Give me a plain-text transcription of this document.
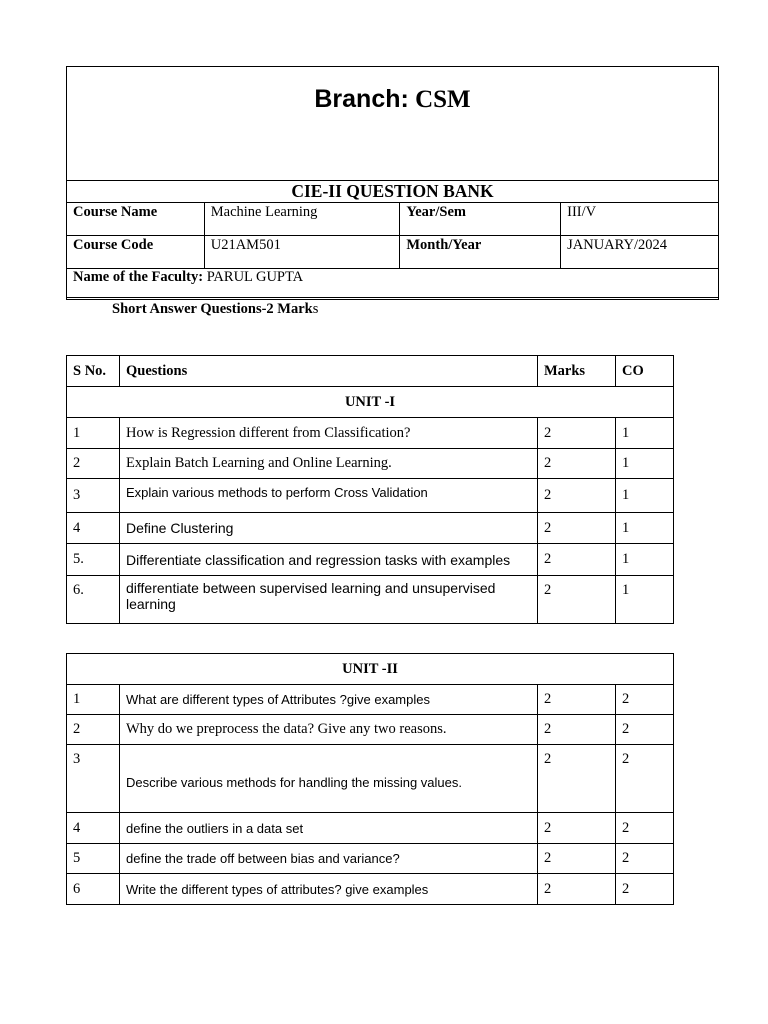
Branch: CSM
CIE-II QUESTION BANK			
Course Name	Machine Learning	Year/Sem	III/V
Course Code	U21AM501	Month/Year	JANUARY/2024
Name of the Faculty: PARUL GUPTA			
Short Answer Questions-2 Marks
S No.	Questions	Marks	CO
UNIT -I			
1	How is Regression different from Classification?	2	1
2	Explain Batch Learning and Online Learning.	2	1
3	Explain various methods to perform Cross Validation	2	1
4	Define Clustering	2	1
5.	Differentiate classification and regression tasks with examples	2	1
6.	differentiate between supervised learning and unsupervised learning	2	1
UNIT -II			
1	What are different types of Attributes ?give examples	2	2
2	Why do we preprocess the data? Give any two reasons.	2	2
3	Describe various methods for handling the missing values.	2	2
4	define the outliers in a data set	2	2
5	define the trade off between bias and variance?	2	2
6	Write the different types of attributes? give examples	2	2
